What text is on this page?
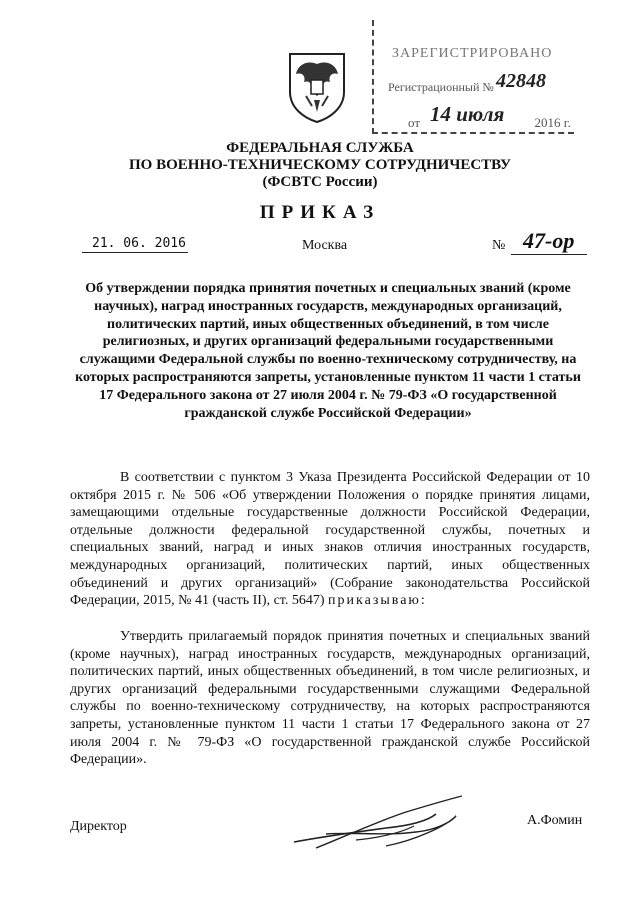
ЗАРЕГИСТРИРОВАНО
Регистрационный № 42848
от	2016 г.
14 июля
ФЕДЕРАЛЬНАЯ СЛУЖБА
ПО ВОЕННО-ТЕХНИЧЕСКОМУ СОТРУДНИЧЕСТВУ
(ФСВТС России)
ПРИКАЗ
21. 06. 2016	Москва	№ 47-ор
Об утверждении порядка принятия почетных и специальных званий (кроме научных), наград иностранных государств, международных организаций, политических партий, иных общественных объединений, в том числе религиозных, и других организаций федеральными государственными служащими Федеральной службы по военно-техническому сотрудничеству, на которых распространяются запреты, установленные пунктом 11 части 1 статьи 17 Федерального закона от 27 июля 2004 г. № 79-ФЗ «О государственной гражданской службе Российской Федерации»

В соответствии с пунктом 3 Указа Президента Российской Федерации от 10 октября 2015 г. № 506 «Об утверждении Положения о порядке принятия лицами, замещающими отдельные государственные должности Российской Федерации, отдельные должности федеральной государственной службы, почетных и специальных званий, наград и иных знаков отличия иностранных государств, международных организаций, политических партий, иных общественных объединений и других организаций» (Собрание законодательства Российской Федерации, 2015, № 41 (часть II), ст. 5647) приказываю:

Утвердить прилагаемый порядок принятия почетных и специальных званий (кроме научных), наград иностранных государств, международных организаций, политических партий, иных общественных объединений, в том числе религиозных, и других организаций федеральными государственными служащими Федеральной службы по военно-техническому сотрудничеству, на которых распространяются запреты, установленные пунктом 11 части 1 статьи 17 Федерального закона от 27 июля 2004 г. № 79-ФЗ «О государственной гражданской службе Российской Федерации».

Директор	А.Фомин
